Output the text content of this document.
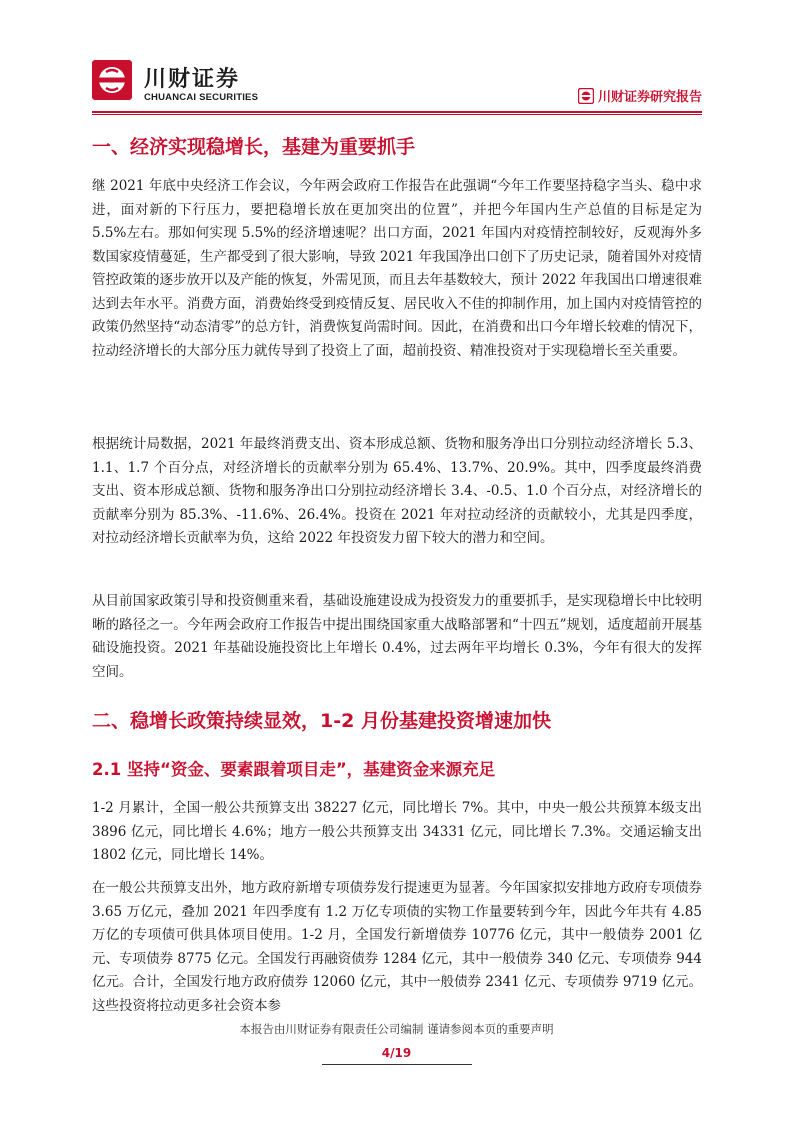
川财证券
CHUANCAI SECURITIES	川财证券研究报告
一、经济实现稳增长，基建为重要抓手
继 2021 年底中央经济工作会议，今年两会政府工作报告在此强调“今年工作要坚持稳字当头、稳中求进，面对新的下行压力，要把稳增长放在更加突出的位置”，并把今年国内生产总值的目标是定为 5.5%左右。那如何实现 5.5%的经济增速呢？出口方面，2021 年国内对疫情控制较好，反观海外多数国家疫情蔓延，生产都受到了很大影响，导致 2021 年我国净出口创下了历史记录，随着国外对疫情管控政策的逐步放开以及产能的恢复，外需见顶，而且去年基数较大，预计 2022 年我国出口增速很难达到去年水平。消费方面，消费始终受到疫情反复、居民收入不佳的抑制作用，加上国内对疫情管控的政策仍然坚持“动态清零”的总方针，消费恢复尚需时间。因此，在消费和出口今年增长较难的情况下，拉动经济增长的大部分压力就传导到了投资上了面，超前投资、精准投资对于实现稳增长至关重要。
根据统计局数据，2021 年最终消费支出、资本形成总额、货物和服务净出口分别拉动经济增长 5.3、1.1、1.7 个百分点，对经济增长的贡献率分别为 65.4%、13.7%、20.9%。其中，四季度最终消费支出、资本形成总额、货物和服务净出口分别拉动经济增长 3.4、-0.5、1.0 个百分点，对经济增长的贡献率分别为 85.3%、-11.6%、26.4%。投资在 2021 年对拉动经济的贡献较小，尤其是四季度，对拉动经济增长贡献率为负，这给 2022 年投资发力留下较大的潜力和空间。
从目前国家政策引导和投资侧重来看，基础设施建设成为投资发力的重要抓手，是实现稳增长中比较明晰的路径之一。今年两会政府工作报告中提出围绕国家重大战略部署和“十四五”规划，适度超前开展基础设施投资。2021 年基础设施投资比上年增长 0.4%，过去两年平均增长 0.3%，今年有很大的发挥空间。
二、稳增长政策持续显效，1-2 月份基建投资增速加快
2.1 坚持“资金、要素跟着项目走”，基建资金来源充足
1-2 月累计，全国一般公共预算支出 38227 亿元，同比增长 7%。其中，中央一般公共预算本级支出 3896 亿元，同比增长 4.6%；地方一般公共预算支出 34331 亿元，同比增长 7.3%。交通运输支出 1802 亿元，同比增长 14%。
在一般公共预算支出外，地方政府新增专项债券发行提速更为显著。今年国家拟安排地方政府专项债券 3.65 万亿元，叠加 2021 年四季度有 1.2 万亿专项债的实物工作量要转到今年，因此今年共有 4.85 万亿的专项债可供具体项目使用。1-2 月，全国发行新增债券 10776 亿元，其中一般债券 2001 亿元、专项债券 8775 亿元。全国发行再融资债券 1284 亿元，其中一般债券 340 亿元、专项债券 944 亿元。合计，全国发行地方政府债券 12060 亿元，其中一般债券 2341 亿元、专项债券 9719 亿元。这些投资将拉动更多社会资本参
本报告由川财证券有限责任公司编制 谨请参阅本页的重要声明
4/19
